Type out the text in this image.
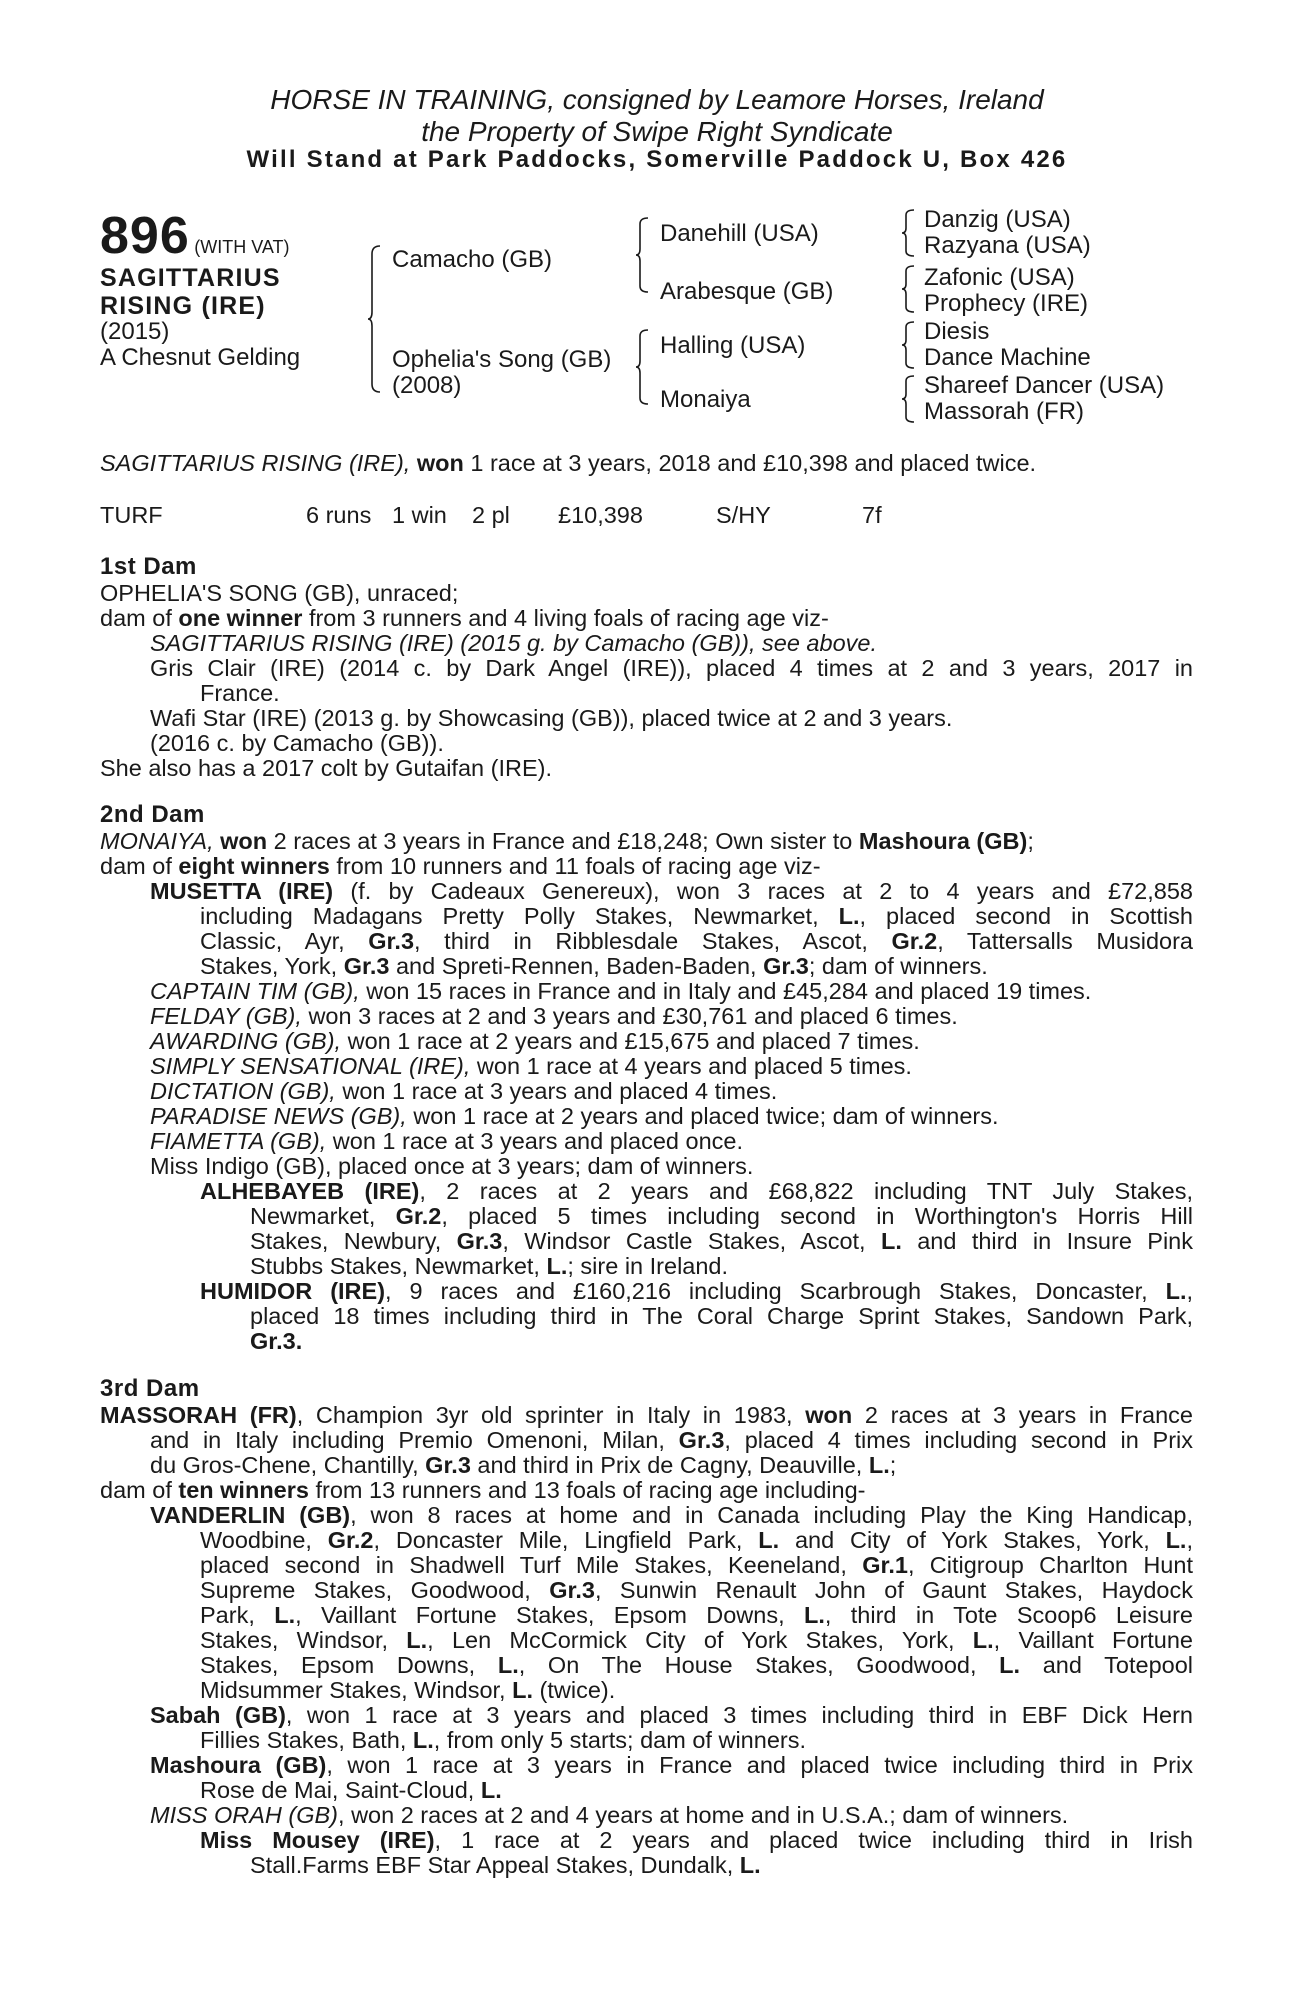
HORSE IN TRAINING, consigned by Leamore Horses, Ireland
the Property of Swipe Right Syndicate
Will Stand at Park Paddocks, Somerville Paddock U, Box 426
896 (WITH VAT)
SAGITTARIUS
RISING (IRE)
(2015)
A Chesnut Gelding
Camacho (GB)
Ophelia's Song (GB)
(2008)
Danehill (USA)
Arabesque (GB)
Halling (USA)
Monaiya
Danzig (USA)
Razyana (USA)
Zafonic (USA)
Prophecy (IRE)
Diesis
Dance Machine
Shareef Dancer (USA)
Massorah (FR)
SAGITTARIUS RISING (IRE), won 1 race at 3 years, 2018 and £10,398 and placed twice.
TURF	6 runs 1 win 2 pl £10,398	S/HY	7f
1st Dam
OPHELIA'S SONG (GB), unraced;
dam of one winner from 3 runners and 4 living foals of racing age viz-
SAGITTARIUS RISING (IRE) (2015 g. by Camacho (GB)), see above.
Gris Clair (IRE) (2014 c. by Dark Angel (IRE)), placed 4 times at 2 and 3 years, 2017 in
France.
Wafi Star (IRE) (2013 g. by Showcasing (GB)), placed twice at 2 and 3 years.
(2016 c. by Camacho (GB)).
She also has a 2017 colt by Gutaifan (IRE).
2nd Dam
MONAIYA, won 2 races at 3 years in France and £18,248; Own sister to Mashoura (GB);
dam of eight winners from 10 runners and 11 foals of racing age viz-
MUSETTA (IRE) (f. by Cadeaux Genereux), won 3 races at 2 to 4 years and £72,858
including Madagans Pretty Polly Stakes, Newmarket, L., placed second in Scottish
Classic, Ayr, Gr.3, third in Ribblesdale Stakes, Ascot, Gr.2, Tattersalls Musidora
Stakes, York, Gr.3 and Spreti-Rennen, Baden-Baden, Gr.3; dam of winners.
CAPTAIN TIM (GB), won 15 races in France and in Italy and £45,284 and placed 19 times.
FELDAY (GB), won 3 races at 2 and 3 years and £30,761 and placed 6 times.
AWARDING (GB), won 1 race at 2 years and £15,675 and placed 7 times.
SIMPLY SENSATIONAL (IRE), won 1 race at 4 years and placed 5 times.
DICTATION (GB), won 1 race at 3 years and placed 4 times.
PARADISE NEWS (GB), won 1 race at 2 years and placed twice; dam of winners.
FIAMETTA (GB), won 1 race at 3 years and placed once.
Miss Indigo (GB), placed once at 3 years; dam of winners.
ALHEBAYEB (IRE), 2 races at 2 years and £68,822 including TNT July Stakes,
Newmarket, Gr.2, placed 5 times including second in Worthington's Horris Hill
Stakes, Newbury, Gr.3, Windsor Castle Stakes, Ascot, L. and third in Insure Pink
Stubbs Stakes, Newmarket, L.; sire in Ireland.
HUMIDOR (IRE), 9 races and £160,216 including Scarbrough Stakes, Doncaster, L.,
placed 18 times including third in The Coral Charge Sprint Stakes, Sandown Park,
Gr.3.
3rd Dam
MASSORAH (FR), Champion 3yr old sprinter in Italy in 1983, won 2 races at 3 years in France
and in Italy including Premio Omenoni, Milan, Gr.3, placed 4 times including second in Prix
du Gros-Chene, Chantilly, Gr.3 and third in Prix de Cagny, Deauville, L.;
dam of ten winners from 13 runners and 13 foals of racing age including-
VANDERLIN (GB), won 8 races at home and in Canada including Play the King Handicap,
Woodbine, Gr.2, Doncaster Mile, Lingfield Park, L. and City of York Stakes, York, L.,
placed second in Shadwell Turf Mile Stakes, Keeneland, Gr.1, Citigroup Charlton Hunt
Supreme Stakes, Goodwood, Gr.3, Sunwin Renault John of Gaunt Stakes, Haydock
Park, L., Vaillant Fortune Stakes, Epsom Downs, L., third in Tote Scoop6 Leisure
Stakes, Windsor, L., Len McCormick City of York Stakes, York, L., Vaillant Fortune
Stakes, Epsom Downs, L., On The House Stakes, Goodwood, L. and Totepool
Midsummer Stakes, Windsor, L. (twice).
Sabah (GB), won 1 race at 3 years and placed 3 times including third in EBF Dick Hern
Fillies Stakes, Bath, L., from only 5 starts; dam of winners.
Mashoura (GB), won 1 race at 3 years in France and placed twice including third in Prix
Rose de Mai, Saint-Cloud, L.
MISS ORAH (GB), won 2 races at 2 and 4 years at home and in U.S.A.; dam of winners.
Miss Mousey (IRE), 1 race at 2 years and placed twice including third in Irish
Stall.Farms EBF Star Appeal Stakes, Dundalk, L.
